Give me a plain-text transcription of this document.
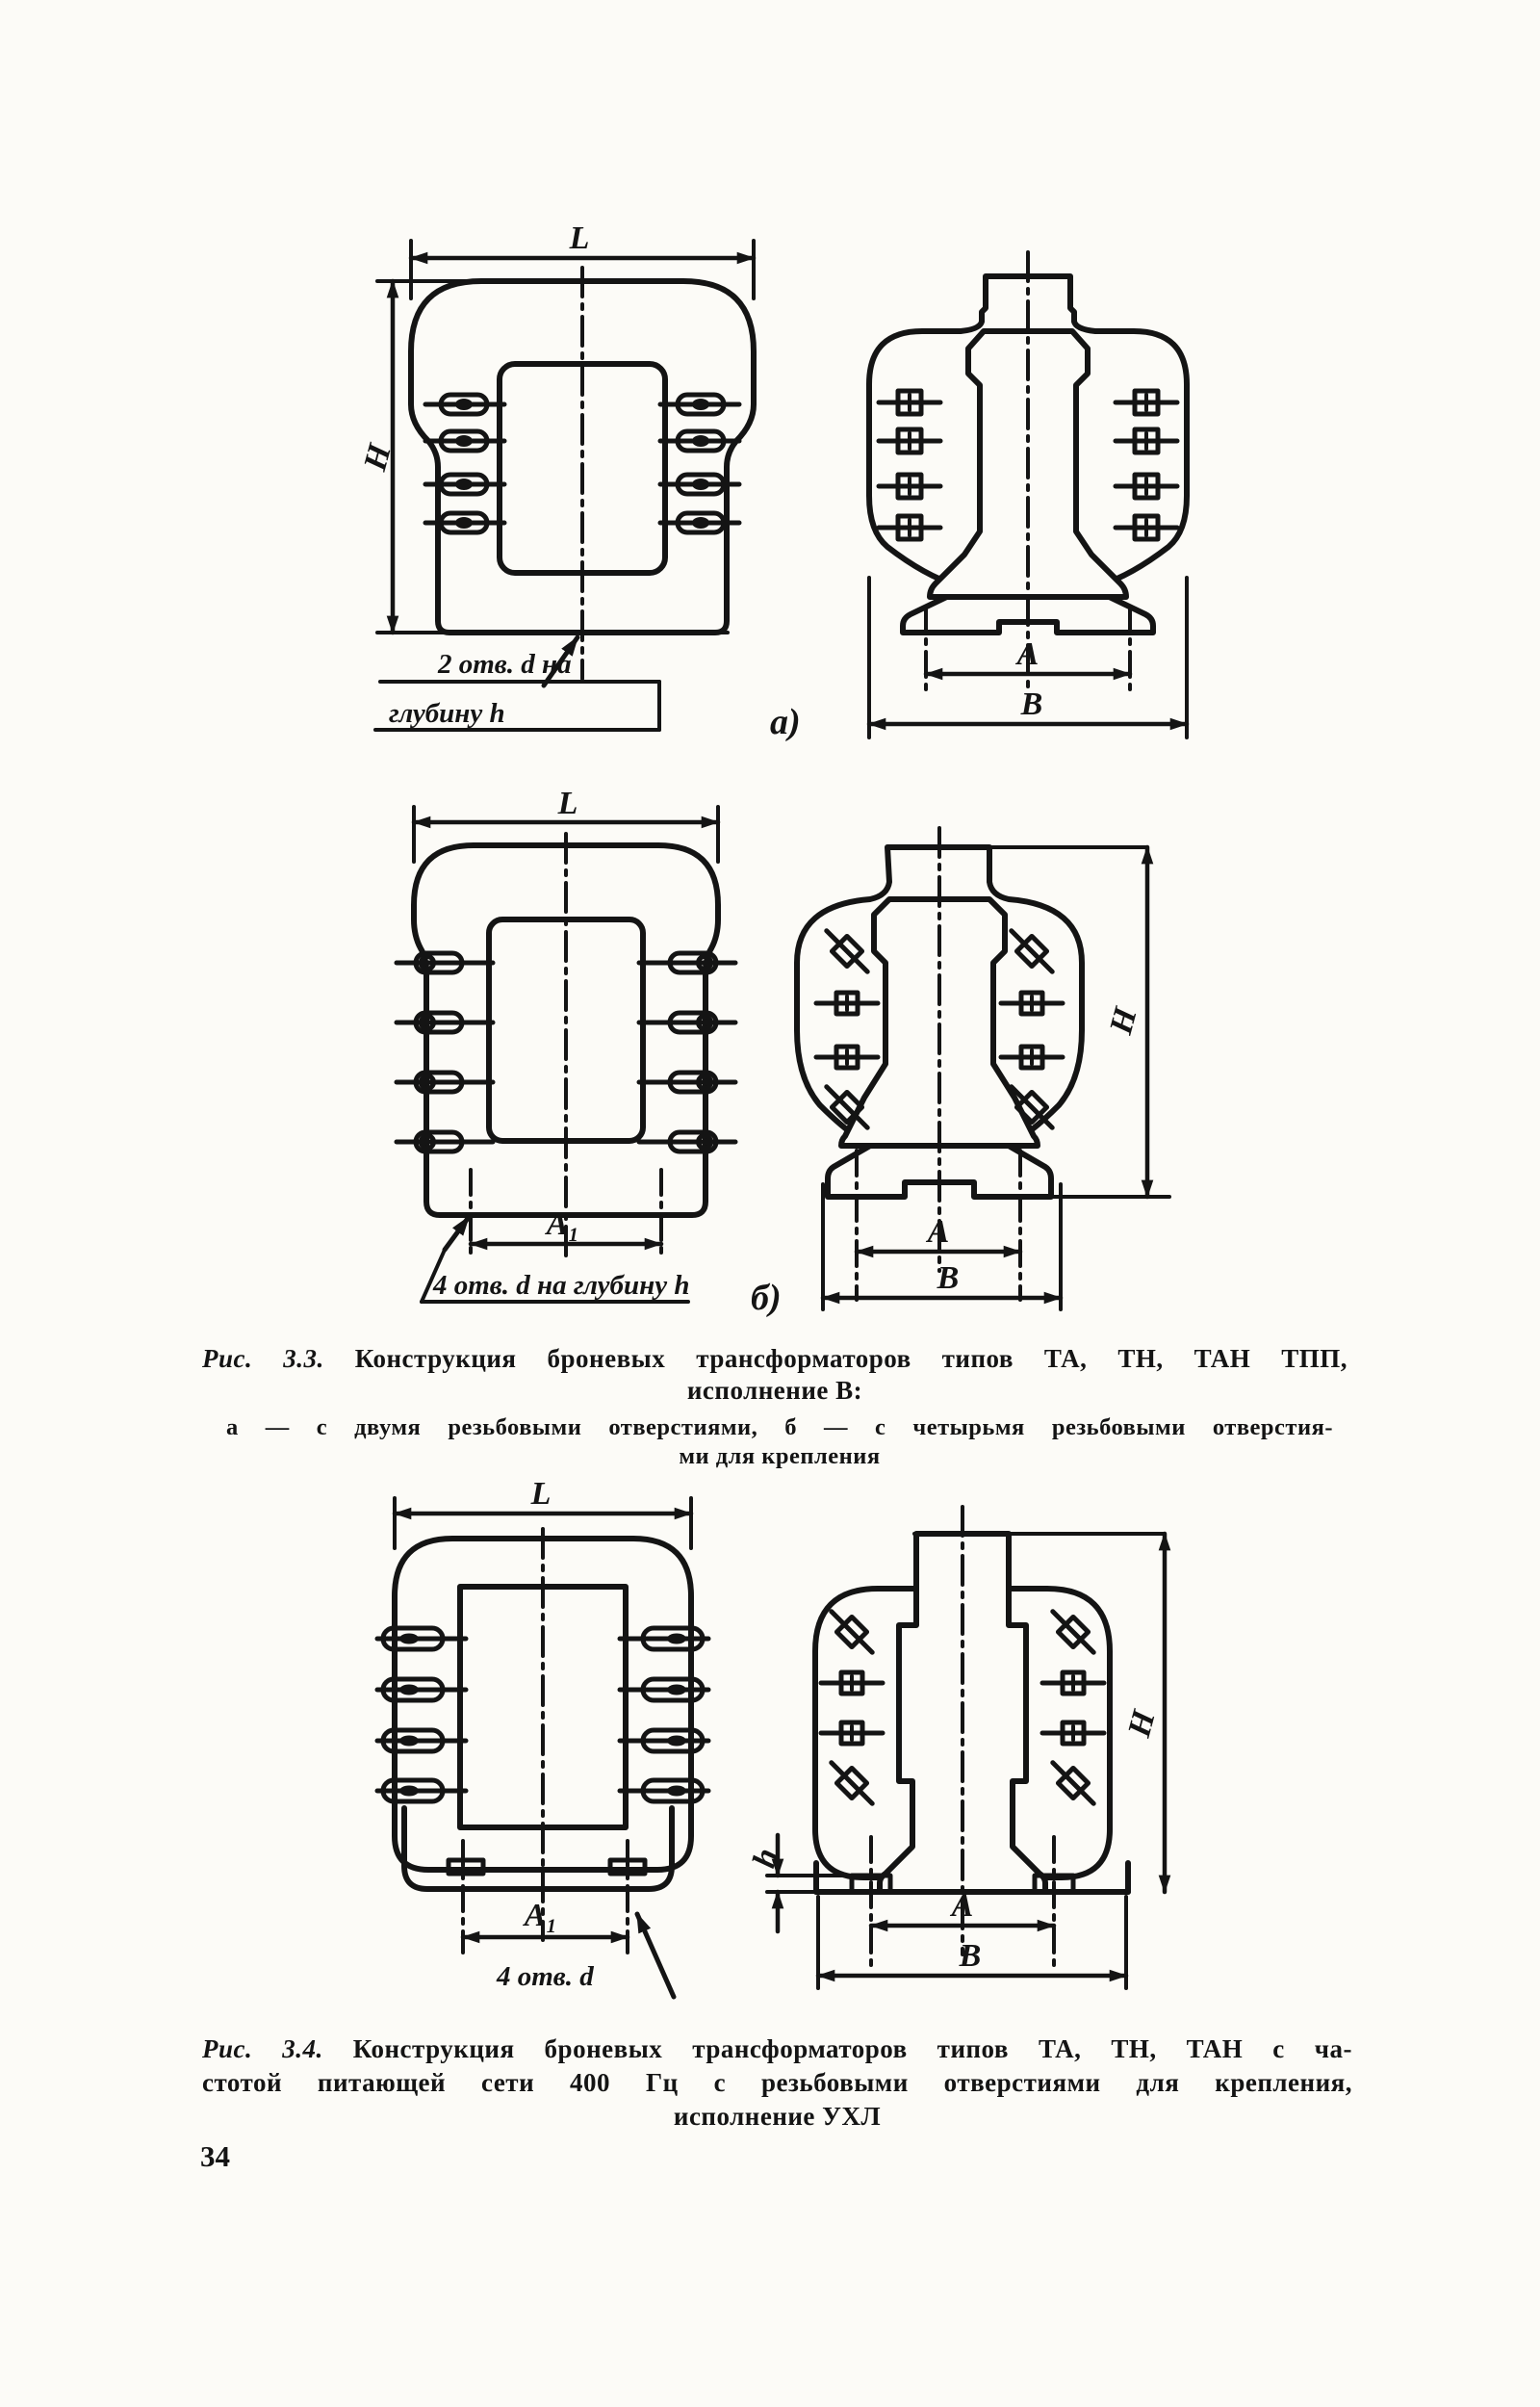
L
H
2 отв. d на
глубину h	а)
А
В
L
А₁
4 отв. d на глубину h б)
Н
А
В
Рис. 3.3. Конструкция броневых трансформаторов типов ТА, ТН, ТАН ТПП,
исполнение В:
а — с двумя резьбовыми отверстиями, б — с четырьмя резьбовыми отверстия-
ми для крепления
L
А₁
4 отв. d
Н
h
А
В
Рис. 3.4. Конструкция броневых трансформаторов типов ТА, ТН, ТАН с ча-
стотой питающей сети 400 Гц с резьбовыми отверстиями для крепления,
исполнение УХЛ
34
